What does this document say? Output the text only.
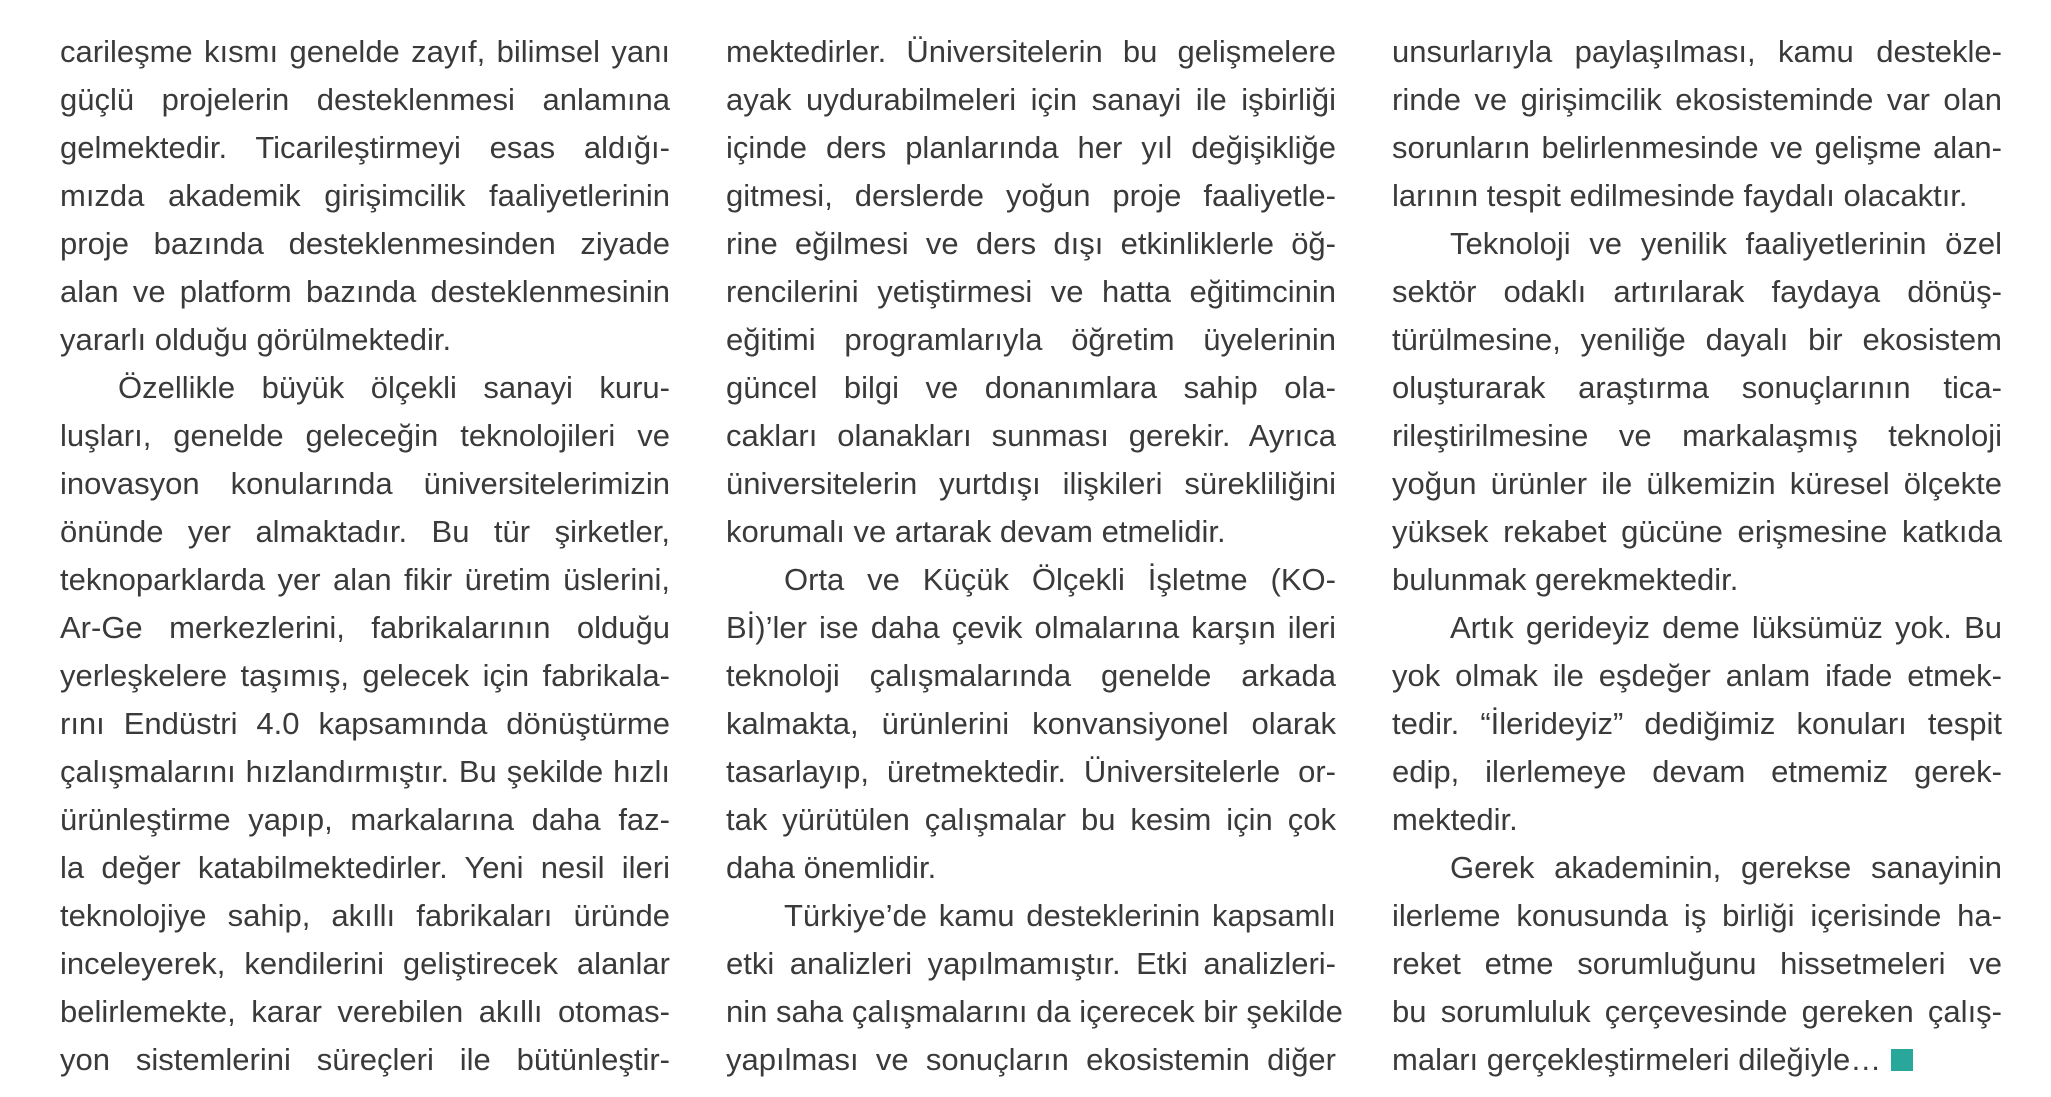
carileşme kısmı genelde zayıf, bilimsel yanı
güçlü projelerin desteklenmesi anlamına
gelmektedir. Ticarileştirmeyi esas aldığı-
mızda akademik girişimcilik faaliyetlerinin
proje bazında desteklenmesinden ziyade
alan ve platform bazında desteklenmesinin
yararlı olduğu görülmektedir.
Özellikle büyük ölçekli sanayi kuru-
luşları, genelde geleceğin teknolojileri ve
inovasyon konularında üniversitelerimizin
önünde yer almaktadır. Bu tür şirketler,
teknoparklarda yer alan fikir üretim üslerini,
Ar-Ge merkezlerini, fabrikalarının olduğu
yerleşkelere taşımış, gelecek için fabrikala-
rını Endüstri 4.0 kapsamında dönüştürme
çalışmalarını hızlandırmıştır. Bu şekilde hızlı
ürünleştirme yapıp, markalarına daha faz-
la değer katabilmektedirler. Yeni nesil ileri
teknolojiye sahip, akıllı fabrikaları üründe
inceleyerek, kendilerini geliştirecek alanlar
belirlemekte, karar verebilen akıllı otomas-
yon sistemlerini süreçleri ile bütünleştir-
mektedirler. Üniversitelerin bu gelişmelere
ayak uydurabilmeleri için sanayi ile işbirliği
içinde ders planlarında her yıl değişikliğe
gitmesi, derslerde yoğun proje faaliyetle-
rine eğilmesi ve ders dışı etkinliklerle öğ-
rencilerini yetiştirmesi ve hatta eğitimcinin
eğitimi programlarıyla öğretim üyelerinin
güncel bilgi ve donanımlara sahip ola-
cakları olanakları sunması gerekir. Ayrıca
üniversitelerin yurtdışı ilişkileri sürekliliğini
korumalı ve artarak devam etmelidir.
Orta ve Küçük Ölçekli İşletme (KO-
Bİ)’ler ise daha çevik olmalarına karşın ileri
teknoloji çalışmalarında genelde arkada
kalmakta, ürünlerini konvansiyonel olarak
tasarlayıp, üretmektedir. Üniversitelerle or-
tak yürütülen çalışmalar bu kesim için çok
daha önemlidir.
Türkiye’de kamu desteklerinin kapsamlı
etki analizleri yapılmamıştır. Etki analizleri-
nin saha çalışmalarını da içerecek bir şekilde
yapılması ve sonuçların ekosistemin diğer
unsurlarıyla paylaşılması, kamu destekle-
rinde ve girişimcilik ekosisteminde var olan
sorunların belirlenmesinde ve gelişme alan-
larının tespit edilmesinde faydalı olacaktır.
Teknoloji ve yenilik faaliyetlerinin özel
sektör odaklı artırılarak faydaya dönüş-
türülmesine, yeniliğe dayalı bir ekosistem
oluşturarak araştırma sonuçlarının tica-
rileştirilmesine ve markalaşmış teknoloji
yoğun ürünler ile ülkemizin küresel ölçekte
yüksek rekabet gücüne erişmesine katkıda
bulunmak gerekmektedir.
Artık gerideyiz deme lüksümüz yok. Bu
yok olmak ile eşdeğer anlam ifade etmek-
tedir. “İlerideyiz” dediğimiz konuları tespit
edip, ilerlemeye devam etmemiz gerek-
mektedir.
Gerek akademinin, gerekse sanayinin
ilerleme konusunda iş birliği içerisinde ha-
reket etme sorumluğunu hissetmeleri ve
bu sorumluluk çerçevesinde gereken çalış-
maları gerçekleştirmeleri dileğiyle…
